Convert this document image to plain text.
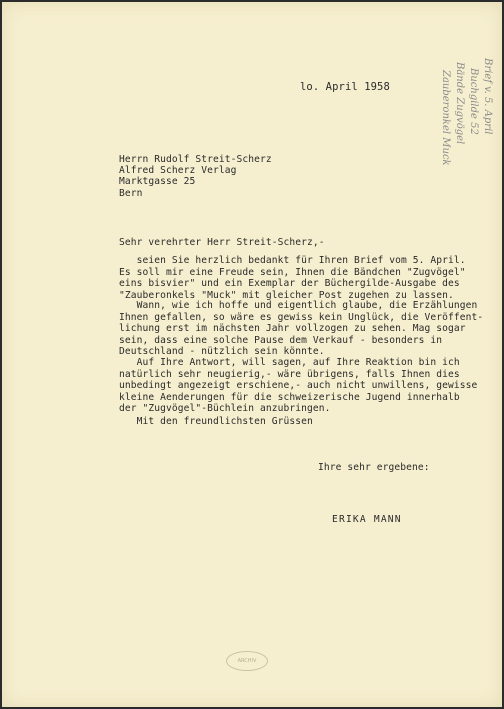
Brief v. 5. April
Buchgilde 52
Bände Zugvögel
Zauberonkel Muck
lo. April 1958
Herrn Rudolf Streit-Scherz
Alfred Scherz Verlag
Marktgasse 25
Bern
Sehr verehrter Herr Streit-Scherz,-
seien Sie herzlich bedankt für Ihren Brief vom 5. April.
Es soll mir eine Freude sein, Ihnen die Bändchen "Zugvögel"
eins bisvier" und ein Exemplar der Büchergilde-Ausgabe des
"Zauberonkels "Muck" mit gleicher Post zugehen zu lassen.
Wann, wie ich hoffe und eigentlich glaube, die Erzählungen
Ihnen gefallen, so wäre es gewiss kein Unglück, die Veröffent-
lichung erst im nächsten Jahr vollzogen zu sehen. Mag sogar
sein, dass eine solche Pause dem Verkauf - besonders in
Deutschland - nützlich sein könnte.
Auf Ihre Antwort, will sagen, auf Ihre Reaktion bin ich
natürlich sehr neugierig,- wäre übrigens, falls Ihnen dies
unbedingt angezeigt erschiene,- auch nicht unwillens, gewisse
kleine Aenderungen für die schweizerische Jugend innerhalb
der "Zugvögel"-Büchlein anzubringen.
Mit den freundlichsten Grüssen
Ihre sehr ergebene:
ERIKA MANN
ARCHIV
